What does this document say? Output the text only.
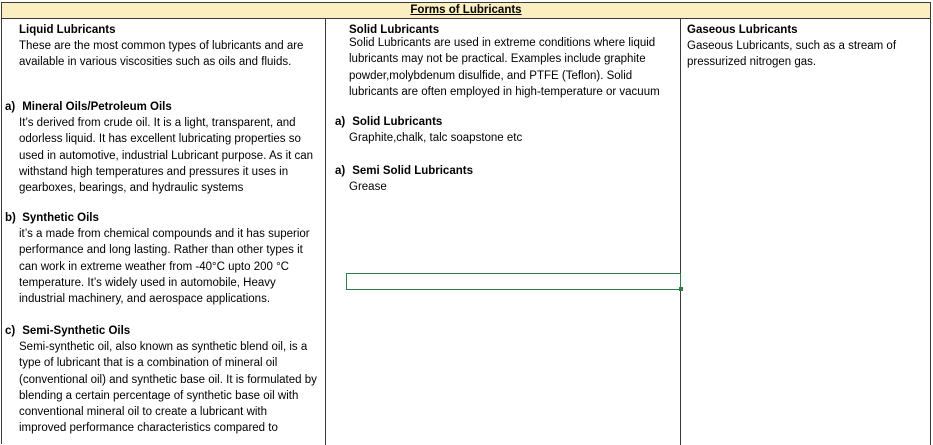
Forms of Lubricants
Liquid Lubricants
These are the most common types of lubricants and are
available in various viscosities such as oils and fluids.
a) Mineral Oils/Petroleum Oils
It’s derived from crude oil. It is a light, transparent, and
odorless liquid. It has excellent lubricating properties so
used in automotive, industrial Lubricant purpose. As it can
withstand high temperatures and pressures it uses in
gearboxes, bearings, and hydraulic systems
b) Synthetic Oils
it’s a made from chemical compounds and it has superior
performance and long lasting. Rather than other types it
can work in extreme weather from -40°C upto 200 °C
temperature. It’s widely used in automobile, Heavy
industrial machinery, and aerospace applications.
c) Semi-Synthetic Oils
Semi-synthetic oil, also known as synthetic blend oil, is a
type of lubricant that is a combination of mineral oil
(conventional oil) and synthetic base oil. It is formulated by
blending a certain percentage of synthetic base oil with
conventional mineral oil to create a lubricant with
improved performance characteristics compared to
Solid Lubricants
Solid Lubricants are used in extreme conditions where liquid
lubricants may not be practical. Examples include graphite
powder,molybdenum disulfide, and PTFE (Teflon). Solid
lubricants are often employed in high-temperature or vacuum
a) Solid Lubricants
Graphite,chalk, talc soapstone etc
a) Semi Solid Lubricants
Grease
Gaseous Lubricants
Gaseous Lubricants, such as a stream of
pressurized nitrogen gas.
